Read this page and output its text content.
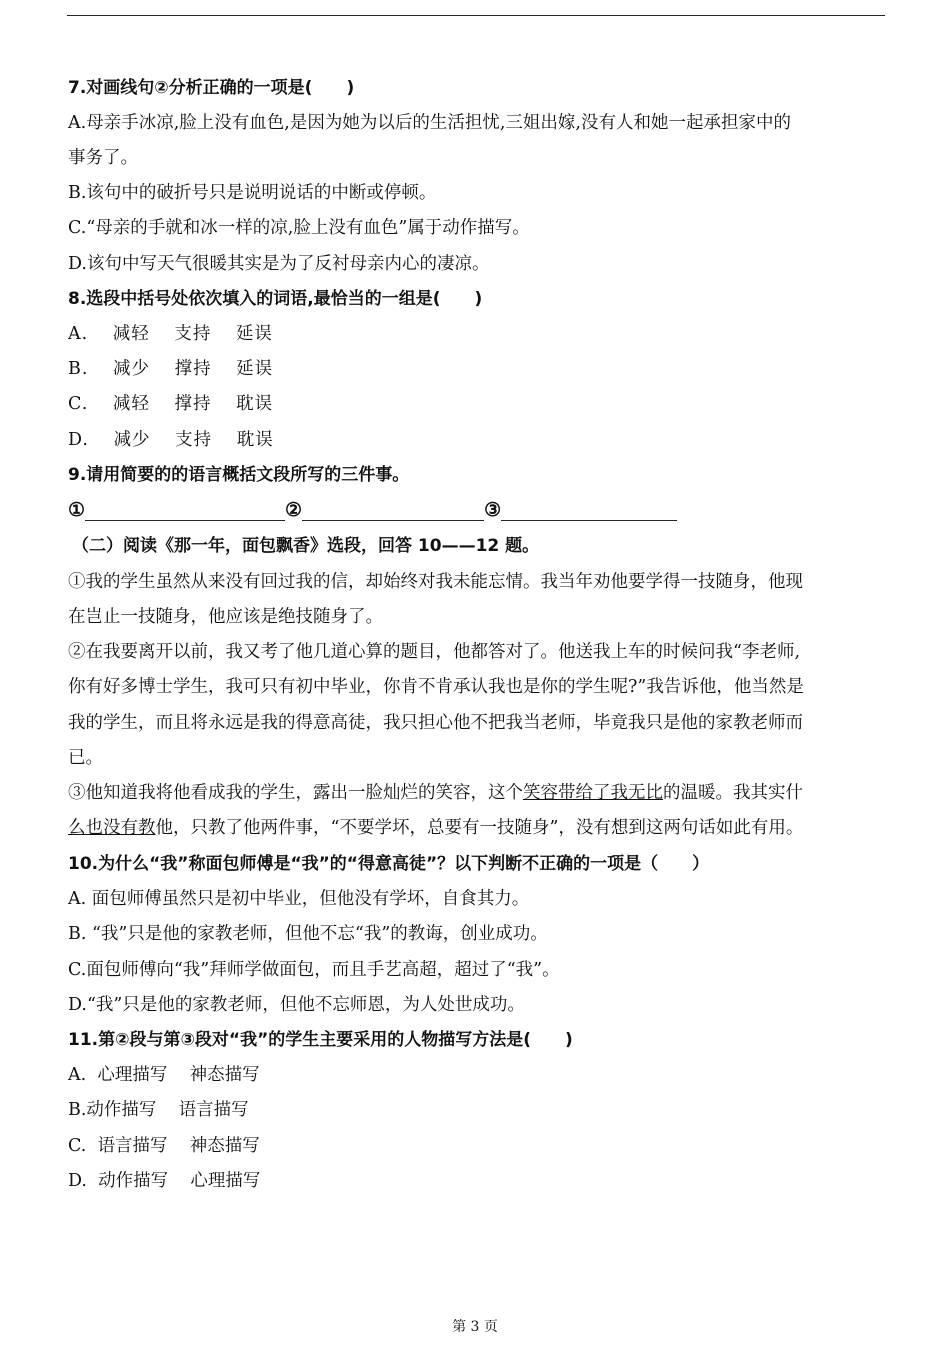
7.对画线句②分析正确的一项是(　　)
A.母亲手冰凉,脸上没有血色,是因为她为以后的生活担忧,三姐出嫁,没有人和她一起承担家中的
事务了。
B.该句中的破折号只是说明说话的中断或停顿。
C.“母亲的手就和冰一样的凉,脸上没有血色”属于动作描写。
D.该句中写天气很暖其实是为了反衬母亲内心的凄凉。
8.选段中括号处依次填入的词语,最恰当的一组是(　　)
A. 减轻 支持 延误
B. 减少 撑持 延误
C. 减轻 撑持 耽误
D. 减少 支持 耽误
9.请用简要的的语言概括文段所写的三件事。
①	②	③
（二）阅读《那一年，面包飘香》选段，回答 10——12 题。
①我的学生虽然从来没有回过我的信，却始终对我未能忘情。我当年劝他要学得一技随身，他现
在岂止一技随身，他应该是绝技随身了。
②在我要离开以前，我又考了他几道心算的题目，他都答对了。他送我上车的时候问我“李老师,
你有好多博士学生，我可只有初中毕业，你肯不肯承认我也是你的学生呢?”我告诉他，他当然是
我的学生，而且将永远是我的得意高徒，我只担心他不把我当老师，毕竟我只是他的家教老师而
已。
③他知道我将他看成我的学生，露出一脸灿烂的笑容，这个笑容带给了我无比的温暖。我其实什
么也没有教他，只教了他两件事，“不要学坏，总要有一技随身”，没有想到这两句话如此有用。
10.为什么“我”称面包师傅是“我”的“得意高徒”？以下判断不正确的一项是（　　）
A. 面包师傅虽然只是初中毕业，但他没有学坏，自食其力。
B. “我”只是他的家教老师，但他不忘“我”的教诲，创业成功。
C.面包师傅向“我”拜师学做面包，而且手艺高超，超过了“我”。
D.“我”只是他的家教老师，但他不忘师恩，为人处世成功。
11.第②段与第③段对“我”的学生主要采用的人物描写方法是(　　)
A.  心理描写    神态描写
B.动作描写    语言描写
C.  语言描写    神态描写
D.  动作描写    心理描写
第 3 页
